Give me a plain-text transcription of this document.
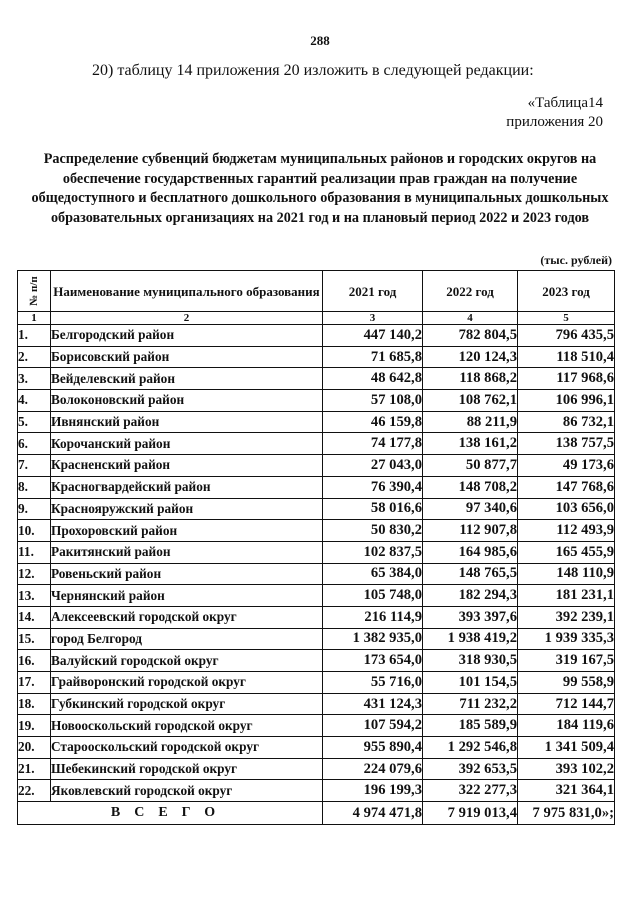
288
20) таблицу 14 приложения 20 изложить в следующей редакции:
«Таблица14
приложения 20
Распределение субвенций бюджетам муниципальных районов и городских округов на обеспечение государственных гарантий реализации прав граждан на получение общедоступного и бесплатного дошкольного образования в муниципальных дошкольных образовательных организациях на 2021 год и на плановый период 2022 и 2023 годов
(тыс. рублей)
№ п/п	Наименование муниципального образования	2021 год	2022 год	2023 год
1	2	3	4	5
1.	Белгородский район	447 140,2	782 804,5	796 435,5
2.	Борисовский район	71 685,8	120 124,3	118 510,4
3.	Вейделевский район	48 642,8	118 868,2	117 968,6
4.	Волоконовский район	57 108,0	108 762,1	106 996,1
5.	Ивнянский район	46 159,8	88 211,9	86 732,1
6.	Корочанский район	74 177,8	138 161,2	138 757,5
7.	Красненский район	27 043,0	50 877,7	49 173,6
8.	Красногвардейский район	76 390,4	148 708,2	147 768,6
9.	Краснояружский район	58 016,6	97 340,6	103 656,0
10.	Прохоровский район	50 830,2	112 907,8	112 493,9
11.	Ракитянский район	102 837,5	164 985,6	165 455,9
12.	Ровеньский район	65 384,0	148 765,5	148 110,9
13.	Чернянский район	105 748,0	182 294,3	181 231,1
14.	Алексеевский городской округ	216 114,9	393 397,6	392 239,1
15.	город Белгород	1 382 935,0	1 938 419,2	1 939 335,3
16.	Валуйский городской округ	173 654,0	318 930,5	319 167,5
17.	Грайворонский городской округ	55 716,0	101 154,5	99 558,9
18.	Губкинский городской округ	431 124,3	711 232,2	712 144,7
19.	Новооскольский городской округ	107 594,2	185 589,9	184 119,6
20.	Старооскольский городской округ	955 890,4	1 292 546,8	1 341 509,4
21.	Шебекинский городской округ	224 079,6	392 653,5	393 102,2
22.	Яковлевский городской округ	196 199,3	322 277,3	321 364,1
ВСЕГО		4 974 471,8	7 919 013,4	7 975 831,0»;
